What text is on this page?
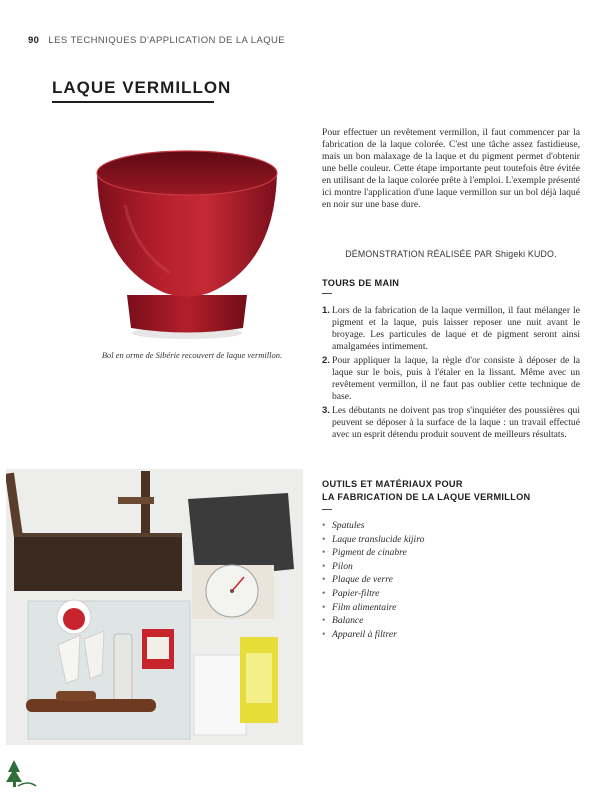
90 LES TECHNIQUES D'APPLICATION DE LA LAQUE
LAQUE VERMILLON
Bol en orme de Sibérie recouvert de laque vermillon.

Pour effectuer un revêtement vermillon, il faut commencer par la fabrication de la laque colorée. C'est une tâche assez fastidieuse, mais un bon malaxage de la laque et du pigment permet d'obtenir une belle couleur. Cette étape importante peut toutefois être évitée en utilisant de la laque colorée prête à l'emploi. L'exemple présenté ici montre l'application d'une laque vermillon sur un bol déjà laqué en noir sur une base dure.

DÉMONSTRATION RÉALISÉE PAR Shigeki KUDO.
TOURS DE MAIN
1. Lors de la fabrication de la laque vermillon, il faut mélanger le pigment et la laque, puis laisser reposer une nuit avant le broyage. Les particules de laque et de pigment seront ainsi amalgamées intimement.
2. Pour appliquer la laque, la règle d'or consiste à déposer de la laque sur le bois, puis à l'étaler en la lissant. Même avec un revêtement vermillon, il ne faut pas oublier cette technique de base.
3. Les débutants ne doivent pas trop s'inquiéter des poussières qui peuvent se déposer à la surface de la laque : un travail effectué avec un esprit détendu produit souvent de meilleurs résultats.
OUTILS ET MATÉRIAUX POUR
LA FABRICATION DE LA LAQUE VERMILLON
• Spatules
• Laque translucide kijiro
• Pigment de cinabre
• Pilon
• Plaque de verre
• Papier-filtre
• Film alimentaire
• Balance
• Appareil à filtrer
